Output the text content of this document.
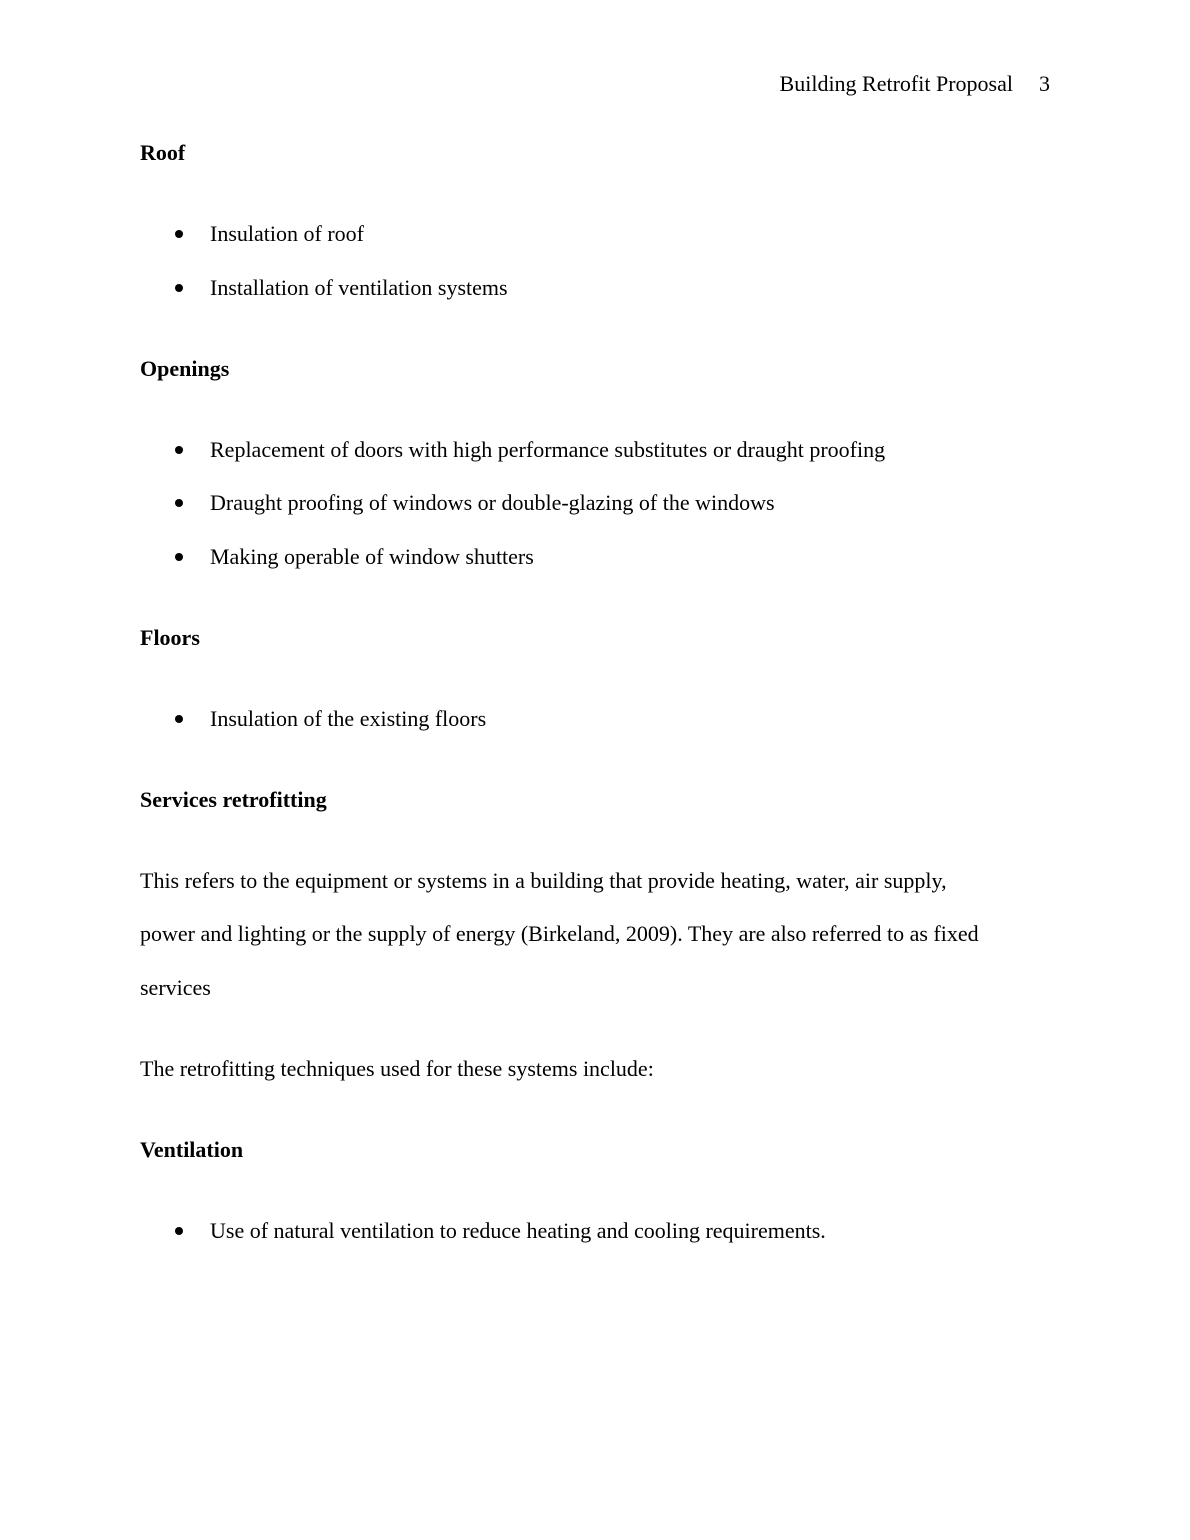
Building Retrofit Proposal 3
Roof
Insulation of roof
Installation of ventilation systems
Openings
Replacement of doors with high performance substitutes or draught proofing
Draught proofing of windows or double-glazing of the windows
Making operable of window shutters
Floors
Insulation of the existing floors
Services retrofitting
This refers to the equipment or systems in a building that provide heating, water, air supply,
power and lighting or the supply of energy (Birkeland, 2009). They are also referred to as fixed
services
The retrofitting techniques used for these systems include:
Ventilation
Use of natural ventilation to reduce heating and cooling requirements.
